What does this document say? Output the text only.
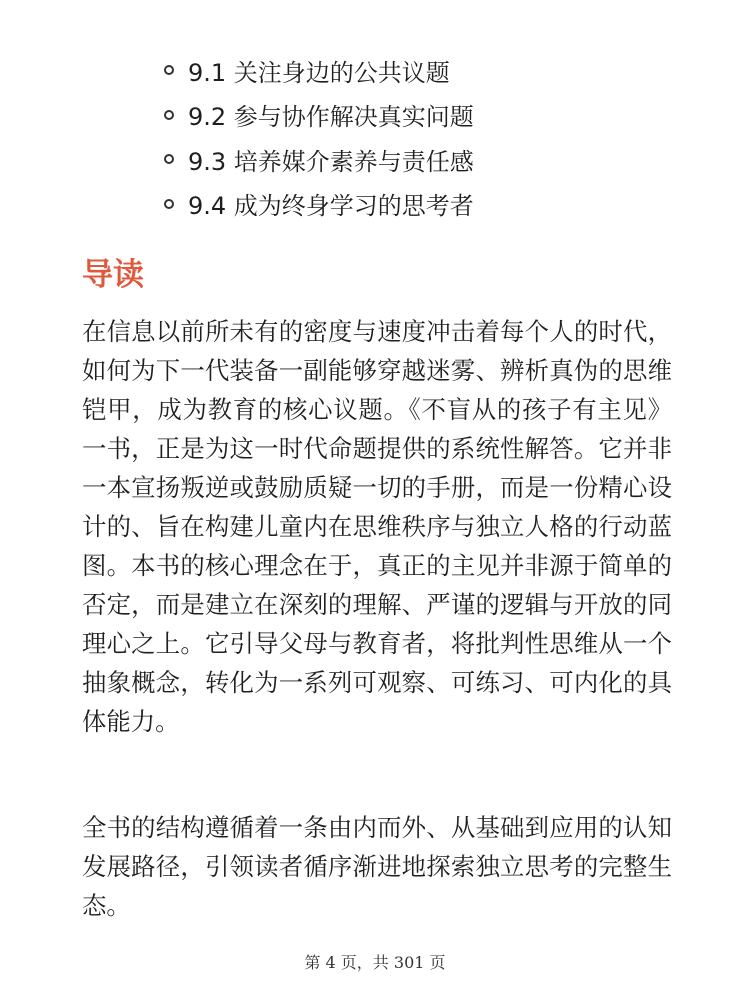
9.1 关注身边的公共议题
9.2 参与协作解决真实问题
9.3 培养媒介素养与责任感
9.4 成为终身学习的思考者
导读

在信息以前所未有的密度与速度冲击着每个人的时代，如何为下一代装备一副能够穿越迷雾、辨析真伪的思维铠甲，成为教育的核心议题。《不盲从的孩子有主见》一书，正是为这一时代命题提供的系统性解答。它并非一本宣扬叛逆或鼓励质疑一切的手册，而是一份精心设计的、旨在构建儿童内在思维秩序与独立人格的行动蓝图。本书的核心理念在于，真正的主见并非源于简单的否定，而是建立在深刻的理解、严谨的逻辑与开放的同理心之上。它引导父母与教育者，将批判性思维从一个抽象概念，转化为一系列可观察、可练习、可内化的具体能力。

全书的结构遵循着一条由内而外、从基础到应用的认知发展路径，引领读者循序渐进地探索独立思考的完整生态。

第 4 页，共 301 页
